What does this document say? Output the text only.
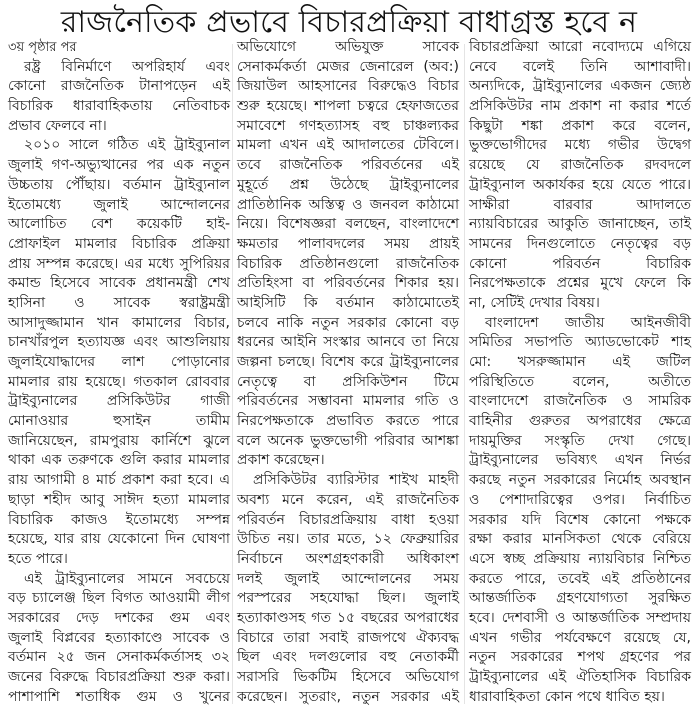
রাজনৈতিক প্রভাবে বিচারপ্রক্রিয়া বাধাগ্রস্ত হবে ন
৩য় পৃষ্ঠার পর
রষ্ট্র বিনির্মাণে অপরিহার্য এবং
কোনো রাজনৈতিক টানাপড়েন এই
বিচারিক ধারাবাহিকতায় নেতিবাচক
প্রভাব ফেলবে না।
২০১০ সালে গঠিত এই ট্রাইব্যুনাল
জুলাই গণ-অভ্যুত্থানের পর এক নতুন
উচ্চতায় পৌঁছায়। বর্তমান ট্রাইব্যুনাল
ইতোমধ্যে জুলাই আন্দোলনের
আলোচিত বেশ কয়েকটি হাই-
প্রোফাইল মামলার বিচারিক প্রক্রিয়া
প্রায় সম্পন্ন করেছে। এর মধ্যে সুপিরিয়র
কমান্ড হিসেবে সাবেক প্রধানমন্ত্রী শেখ
হাসিনা ও সাবেক স্বরাষ্ট্রমন্ত্রী
আসাদুজ্জামান খান কামালের বিচার,
চানখাঁরপুল হত্যাযজ্ঞ এবং আশুলিয়ায়
জুলাইযোদ্ধাদের লাশ পোড়ানোর
মামলার রায় হয়েছে। গতকাল রোববার
ট্রাইব্যুনালের প্রসিকিউটর গাজী
মোনাওয়ার হুসাইন তামীম
জানিয়েছেন, রামপুরায় কার্নিশে ঝুলে
থাকা এক তরুণকে গুলি করার মামলার
রায় আগামী ৪ মার্চ প্রকাশ করা হবে। এ
ছাড়া শহীদ আবু সাঈদ হত্যা মামলার
বিচারিক কাজও ইতোমধ্যে সম্পন্ন
হয়েছে, যার রায় যেকোনো দিন ঘোষণা
হতে পারে।
এই ট্রাইব্যুনালের সামনে সবচেয়ে
বড় চ্যালেঞ্জ ছিল বিগত আওয়ামী লীগ
সরকারের দেড় দশকের গুম এবং
জুলাই বিপ্লবের হত্যাকাণ্ডে সাবেক ও
বর্তমান ২৫ জন সেনাকর্মকর্তাসহ ৩২
জনের বিরুদ্ধে বিচারপ্রক্রিয়া শুরু করা।
পাশাপাশি শতাধিক গুম ও খুনের
অভিযোগে অভিযুক্ত সাবেক
সেনাকর্মকর্তা মেজর জেনারেল (অব:)
জিয়াউল আহসানের বিরুদ্ধেও বিচার
শুরু হয়েছে। শাপলা চত্বরে হেফাজতের
সমাবেশে গণহত্যাসহ বহু চাঞ্চল্যকর
মামলা এখন এই আদালতের টেবিলে।
তবে রাজনৈতিক পরিবর্তনের এই
মুহূর্তে প্রশ্ন উঠেছে ট্রাইব্যুনালের
প্রাতিষ্ঠানিক অস্তিত্ব ও জনবল কাঠামো
নিয়ে। বিশেষজ্ঞরা বলছেন, বাংলাদেশে
ক্ষমতার পালাবদলের সময় প্রায়ই
বিচারিক প্রতিষ্ঠানগুলো রাজনৈতিক
প্রতিহিংসা বা পরিবর্তনের শিকার হয়।
আইসিটি কি বর্তমান কাঠামোতেই
চলবে নাকি নতুন সরকার কোনো বড়
ধরনের আইনি সংস্কার আনবে তা নিয়ে
জল্পনা চলছে। বিশেষ করে ট্রাইব্যুনালের
নেতৃত্বে বা প্রসিকিউশন টিমে
পরিবর্তনের সম্ভাবনা মামলার গতি ও
নিরপেক্ষতাকে প্রভাবিত করতে পারে
বলে অনেক ভুক্তভোগী পরিবার আশঙ্কা
প্রকাশ করেছেন।
প্রসিকিউটর ব্যারিস্টার শাইখ মাহদী
অবশ্য মনে করেন, এই রাজনৈতিক
পরিবর্তন বিচারপ্রক্রিয়ায় বাধা হওয়া
উচিত নয়। তার মতে, ১২ ফেব্রুয়ারির
নির্বাচনে অংশগ্রহণকারী অধিকাংশ
দলই জুলাই আন্দোলনের সময়
পরস্পরের সহযোদ্ধা ছিল। জুলাই
হত্যাকাণ্ডসহ গত ১৫ বছরের অপরাধের
বিচারে তারা সবাই রাজপথে ঐক্যবদ্ধ
ছিল এবং দলগুলোর বহু নেতাকর্মী
সরাসরি ভিকটিম হিসেবে অভিযোগ
করেছেন। সুতরাং, নতুন সরকার এই
বিচারপ্রক্রিয়া আরো নবোদ্যমে এগিয়ে
নেবে বলেই তিনি আশাবাদী।
অন্যদিকে, ট্রাইব্যুনালের একজন জ্যেষ্ঠ
প্রসিকিউটর নাম প্রকাশ না করার শর্তে
কিছুটা শঙ্কা প্রকাশ করে বলেন,
ভুক্তভোগীদের মধ্যে গভীর উদ্বেগ
রয়েছে যে রাজনৈতিক রদবদলে
ট্রাইব্যুনাল অকার্যকর হয়ে যেতে পারে।
সাক্ষীরা বারবার আদালতে
ন্যায়বিচারের আকুতি জানাচ্ছেন, তাই
সামনের দিনগুলোতে নেতৃত্বের বড়
কোনো পরিবর্তন বিচারিক
নিরপেক্ষতাকে প্রশ্নের মুখে ফেলে কি
না, সেটিই দেখার বিষয়।
বাংলাদেশ জাতীয় আইনজীবী
সমিতির সভাপতি অ্যাডভোকেট শাহ
মো: খসরুজ্জামান এই জটিল
পরিস্থিতিতে বলেন, অতীতে
বাংলাদেশে রাজনৈতিক ও সামরিক
বাহিনীর গুরুতর অপরাধের ক্ষেত্রে
দায়মুক্তির সংস্কৃতি দেখা গেছে।
ট্রাইব্যুনালের ভবিষ্যৎ এখন নির্ভর
করছে নতুন সরকারের নির্মোহ অবস্থান
ও পেশাদারিত্বের ওপর। নির্বাচিত
সরকার যদি বিশেষ কোনো পক্ষকে
রক্ষা করার মানসিকতা থেকে বেরিয়ে
এসে স্বচ্ছ প্রক্রিয়ায় ন্যায়বিচার নিশ্চিত
করতে পারে, তবেই এই প্রতিষ্ঠানের
আন্তর্জাতিক গ্রহণযোগ্যতা সুরক্ষিত
হবে। দেশবাসী ও আন্তর্জাতিক সম্প্রদায়
এখন গভীর পর্যবেক্ষণে রয়েছে যে,
নতুন সরকারের শপথ গ্রহণের পর
ট্রাইব্যুনালের এই ঐতিহাসিক বিচারিক
ধারাবাহিকতা কোন পথে ধাবিত হয়।
